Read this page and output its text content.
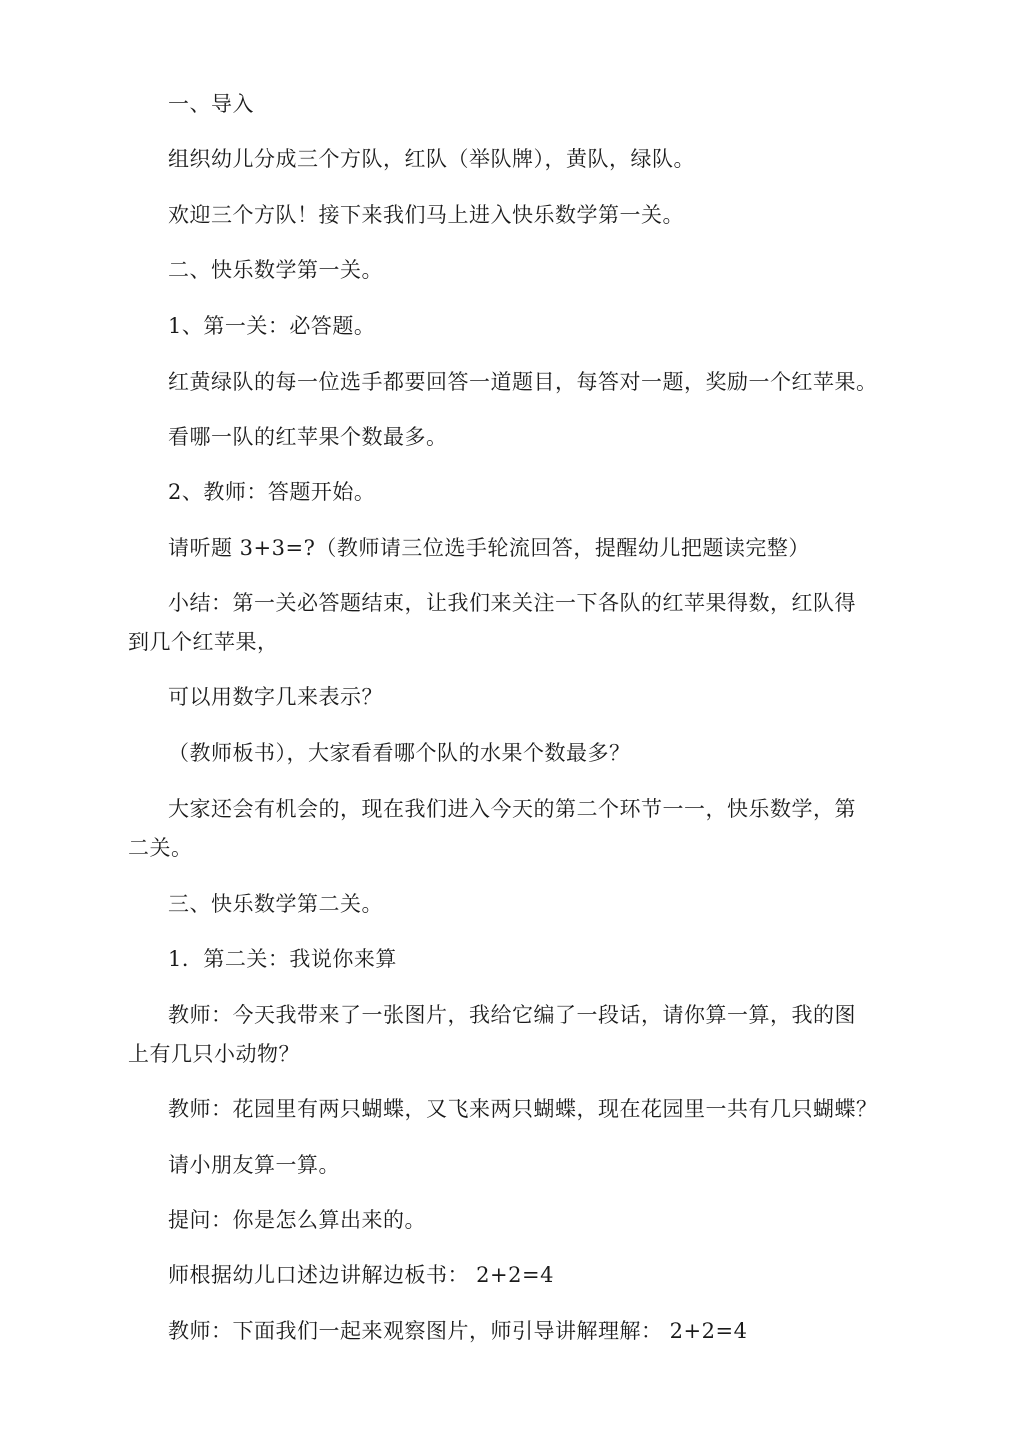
一、导入
组织幼儿分成三个方队，红队（举队牌），黄队，绿队。
欢迎三个方队！接下来我们马上进入快乐数学第一关。
二、快乐数学第一关。
1、第一关：必答题。
红黄绿队的每一位选手都要回答一道题目，每答对一题，奖励一个红苹果。
看哪一队的红苹果个数最多。
2、教师：答题开始。
请听题 3+3=?（教师请三位选手轮流回答，提醒幼儿把题读完整）
小结：第一关必答题结束，让我们来关注一下各队的红苹果得数，红队得
到几个红苹果，
可以用数字几来表示？
（教师板书），大家看看哪个队的水果个数最多？
大家还会有机会的，现在我们进入今天的第二个环节一一，快乐数学，第
二关。
三、快乐数学第二关。
1．第二关：我说你来算
教师：今天我带来了一张图片，我给它编了一段话，请你算一算，我的图
上有几只小动物？
教师：花园里有两只蝴蝶，又飞来两只蝴蝶，现在花园里一共有几只蝴蝶？
请小朋友算一算。
提问：你是怎么算出来的。
师根据幼儿口述边讲解边板书： 2+2=4
教师：下面我们一起来观察图片，师引导讲解理解： 2+2=4
